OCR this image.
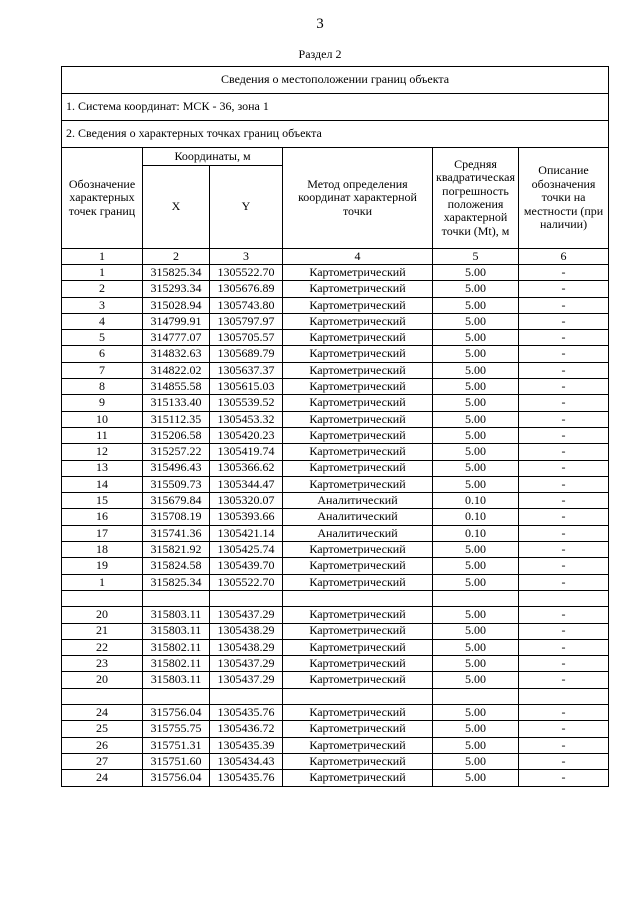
3
Раздел 2
Сведения о местоположении границ объекта					
1. Система координат: МСК - 36, зона 1					
2. Сведения о характерных точках границ объекта					
Обозначение характерных точек границ	Координаты, м		Метод определения координат характерной точки	Средняя квадратическая погрешность положения характерной точки (Mt), м	Описание обозначения точки на местности (при наличии)
	X	Y			
1	2	3	4	5	6
1	315825.34	1305522.70	Картометрический	5.00	-
2	315293.34	1305676.89	Картометрический	5.00	-
3	315028.94	1305743.80	Картометрический	5.00	-
4	314799.91	1305797.97	Картометрический	5.00	-
5	314777.07	1305705.57	Картометрический	5.00	-
6	314832.63	1305689.79	Картометрический	5.00	-
7	314822.02	1305637.37	Картометрический	5.00	-
8	314855.58	1305615.03	Картометрический	5.00	-
9	315133.40	1305539.52	Картометрический	5.00	-
10	315112.35	1305453.32	Картометрический	5.00	-
11	315206.58	1305420.23	Картометрический	5.00	-
12	315257.22	1305419.74	Картометрический	5.00	-
13	315496.43	1305366.62	Картометрический	5.00	-
14	315509.73	1305344.47	Картометрический	5.00	-
15	315679.84	1305320.07	Аналитический	0.10	-
16	315708.19	1305393.66	Аналитический	0.10	-
17	315741.36	1305421.14	Аналитический	0.10	-
18	315821.92	1305425.74	Картометрический	5.00	-
19	315824.58	1305439.70	Картометрический	5.00	-
1	315825.34	1305522.70	Картометрический	5.00	-

20	315803.11	1305437.29	Картометрический	5.00	-
21	315803.11	1305438.29	Картометрический	5.00	-
22	315802.11	1305438.29	Картометрический	5.00	-
23	315802.11	1305437.29	Картометрический	5.00	-
20	315803.11	1305437.29	Картометрический	5.00	-

24	315756.04	1305435.76	Картометрический	5.00	-
25	315755.75	1305436.72	Картометрический	5.00	-
26	315751.31	1305435.39	Картометрический	5.00	-
27	315751.60	1305434.43	Картометрический	5.00	-
24	315756.04	1305435.76	Картометрический	5.00	-
